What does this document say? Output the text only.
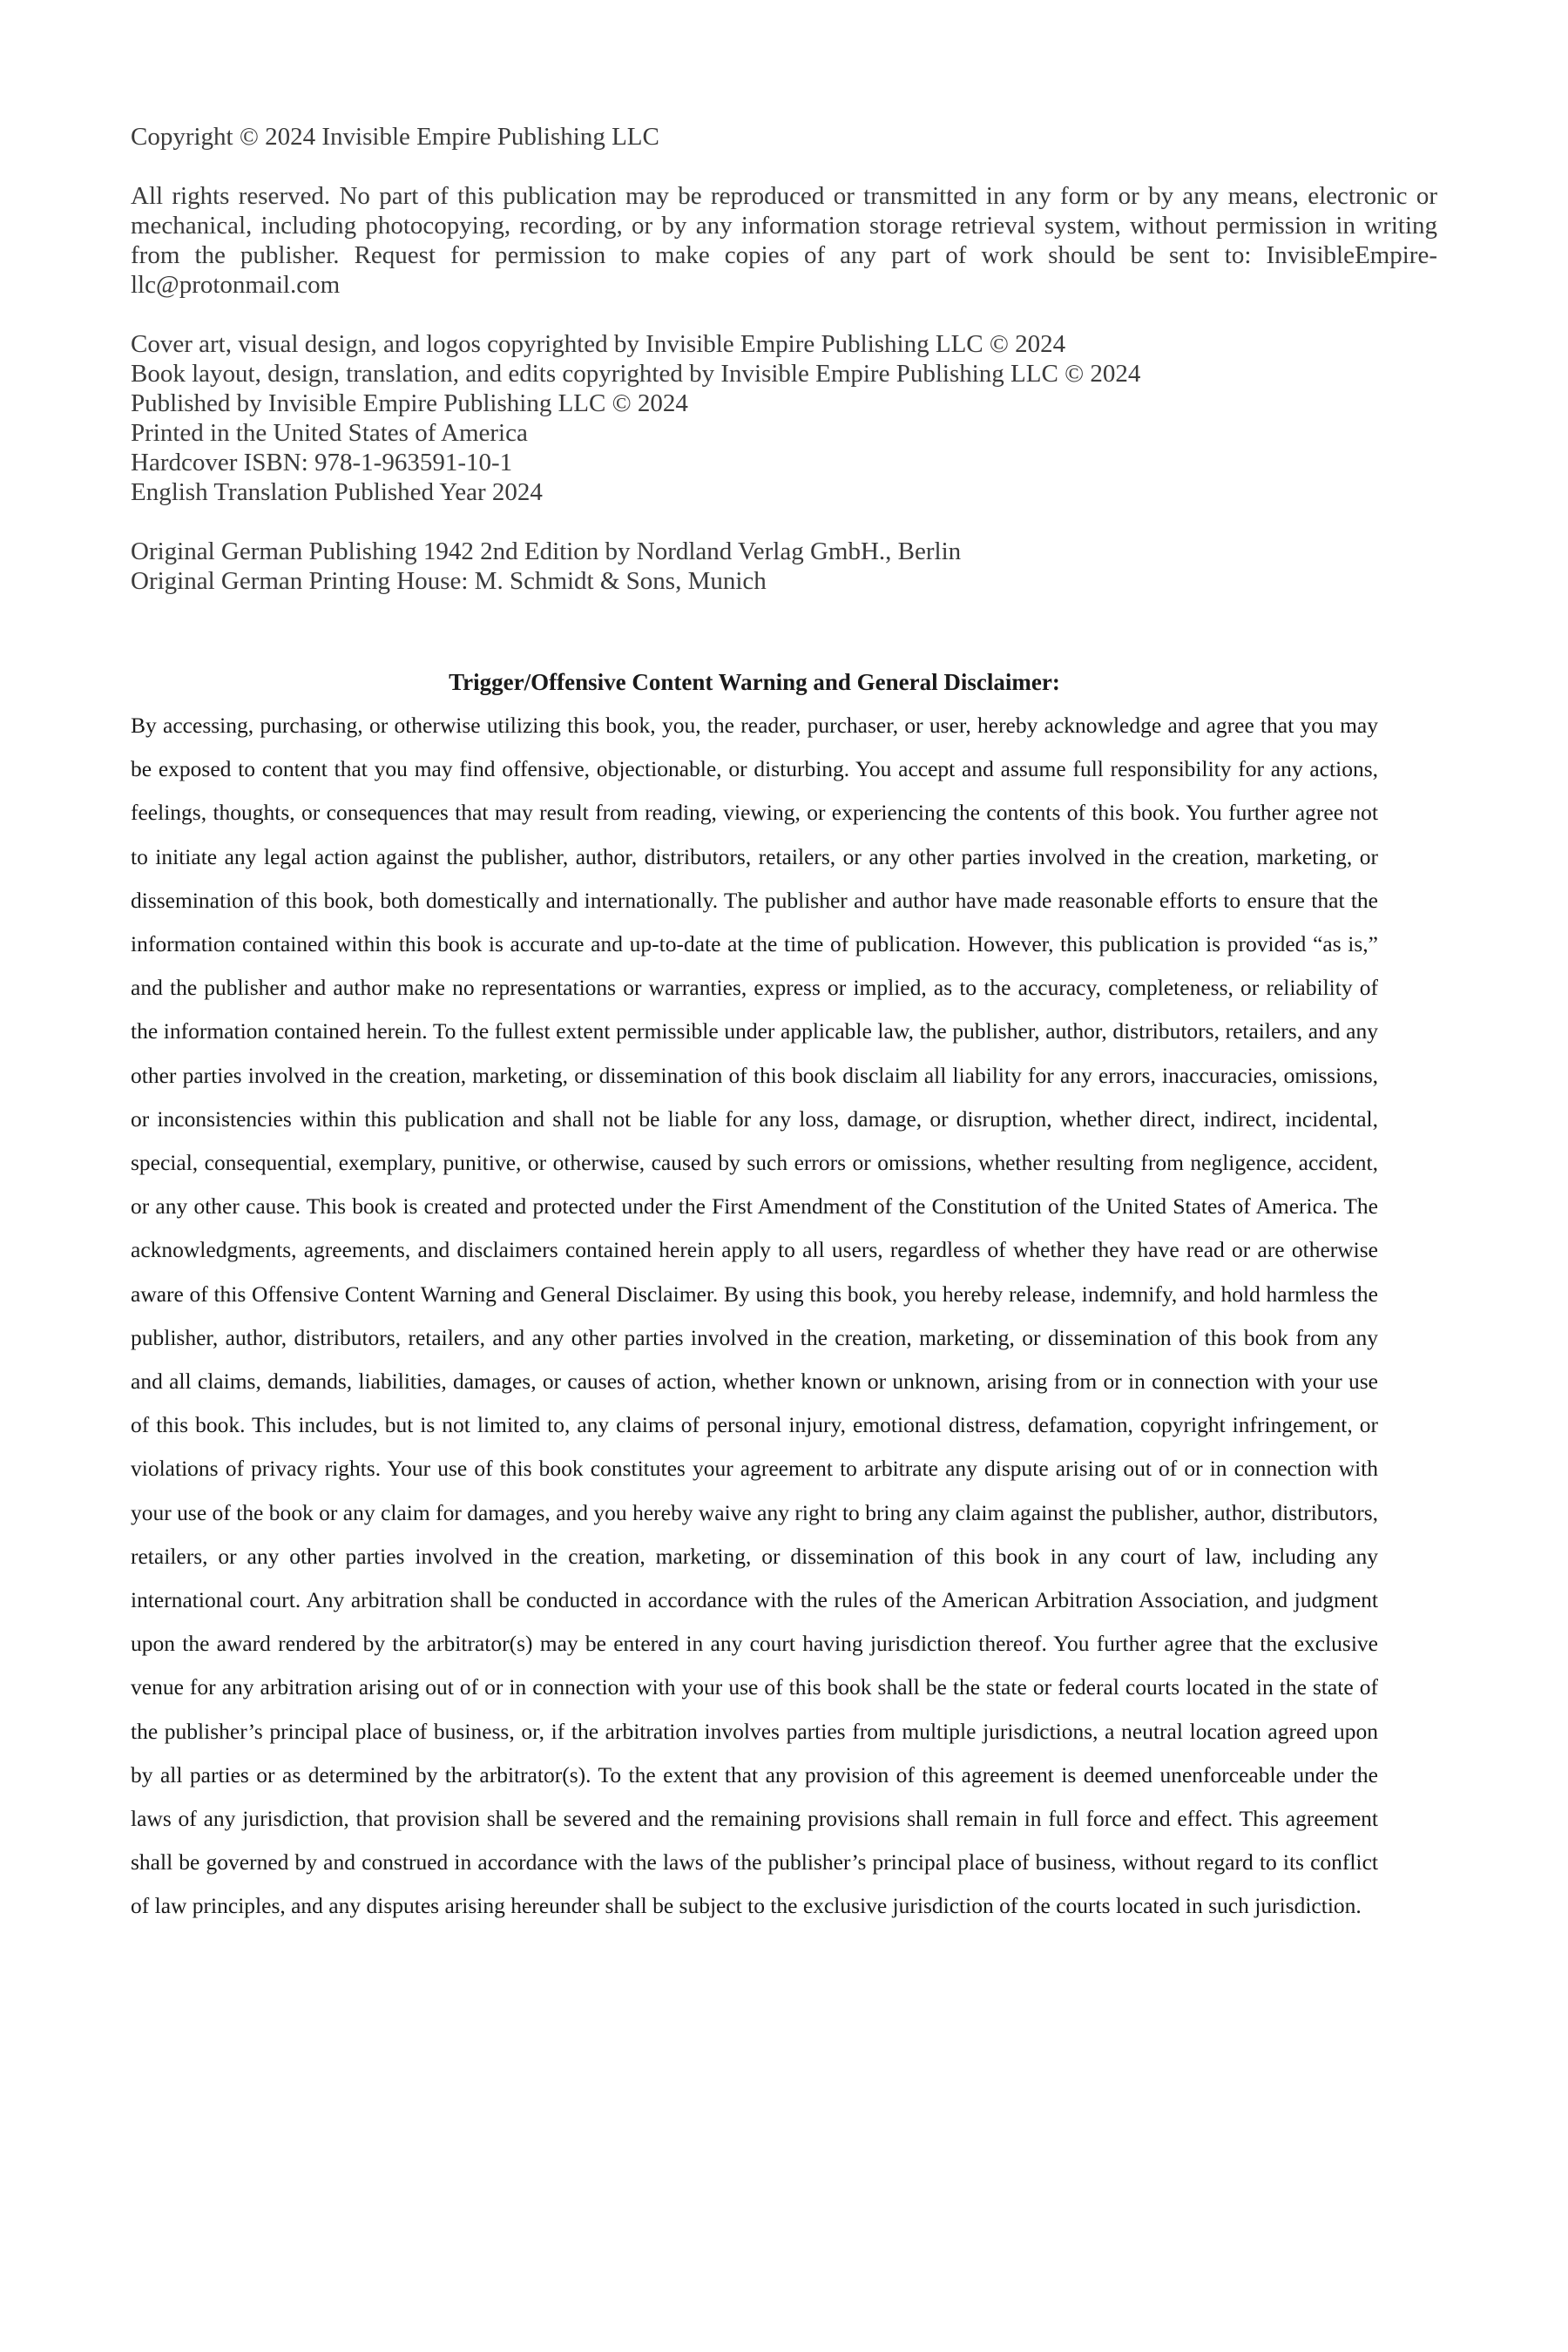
Copyright © 2024 Invisible Empire Publishing LLC

All rights reserved. No part of this publication may be reproduced or transmitted in any form or by any means, electronic or mechanical, including photocopying, recording, or by any information storage retrieval system, without permission in writing from the publisher. Request for permission to make copies of any part of work should be sent to: InvisibleEmpire-llc@protonmail.com

Cover art, visual design, and logos copyrighted by Invisible Empire Publishing LLC © 2024
Book layout, design, translation, and edits copyrighted by Invisible Empire Publishing LLC © 2024
Published by Invisible Empire Publishing LLC © 2024
Printed in the United States of America
Hardcover ISBN: 978-1-963591-10-1
English Translation Published Year 2024
Original German Publishing 1942 2nd Edition by Nordland Verlag GmbH., Berlin
Original German Printing House: M. Schmidt & Sons, Munich

Trigger/Offensive Content Warning and General Disclaimer:

By accessing, purchasing, or otherwise utilizing this book, you, the reader, purchaser, or user, hereby acknowledge and agree that you may be exposed to content that you may find offensive, objectionable, or disturbing. You accept and assume full responsibility for any actions, feelings, thoughts, or consequences that may result from reading, viewing, or experiencing the contents of this book. You further agree not to initiate any legal action against the publisher, author, distributors, retailers, or any other parties involved in the creation, marketing, or dissemination of this book, both domestically and internationally. The publisher and author have made reasonable efforts to ensure that the information contained within this book is accurate and up-to-date at the time of publication. However, this publication is provided “as is,” and the publisher and author make no representations or warranties, express or implied, as to the accuracy, completeness, or reliability of the information contained herein. To the fullest extent permissible under applicable law, the publisher, author, distributors, retailers, and any other parties involved in the creation, marketing, or dissemination of this book disclaim all liability for any errors, inaccuracies, omissions, or inconsistencies within this publication and shall not be liable for any loss, damage, or disruption, whether direct, indirect, incidental, special, consequential, exemplary, punitive, or otherwise, caused by such errors or omissions, whether resulting from negligence, accident, or any other cause. This book is created and protected under the First Amendment of the Constitution of the United States of America. The acknowledgments, agreements, and disclaimers contained herein apply to all users, regardless of whether they have read or are otherwise aware of this Offensive Content Warning and General Disclaimer. By using this book, you hereby release, indemnify, and hold harmless the publisher, author, distributors, retailers, and any other parties involved in the creation, marketing, or dissemination of this book from any and all claims, demands, liabilities, damages, or causes of action, whether known or unknown, arising from or in connection with your use of this book. This includes, but is not limited to, any claims of personal injury, emotional distress, defamation, copyright infringement, or violations of privacy rights. Your use of this book constitutes your agreement to arbitrate any dispute arising out of or in connection with your use of the book or any claim for damages, and you hereby waive any right to bring any claim against the publisher, author, distributors, retailers, or any other parties involved in the creation, marketing, or dissemination of this book in any court of law, including any international court. Any arbitration shall be conducted in accordance with the rules of the American Arbitration Association, and judgment upon the award rendered by the arbitrator(s) may be entered in any court having jurisdiction thereof. You further agree that the exclusive venue for any arbitration arising out of or in connection with your use of this book shall be the state or federal courts located in the state of the publisher’s principal place of business, or, if the arbitration involves parties from multiple jurisdictions, a neutral location agreed upon by all parties or as determined by the arbitrator(s). To the extent that any provision of this agreement is deemed unenforceable under the laws of any jurisdiction, that provision shall be severed and the remaining provisions shall remain in full force and effect. This agreement shall be governed by and construed in accordance with the laws of the publisher’s principal place of business, without regard to its conflict of law principles, and any disputes arising hereunder shall be subject to the exclusive jurisdiction of the courts located in such jurisdiction.
